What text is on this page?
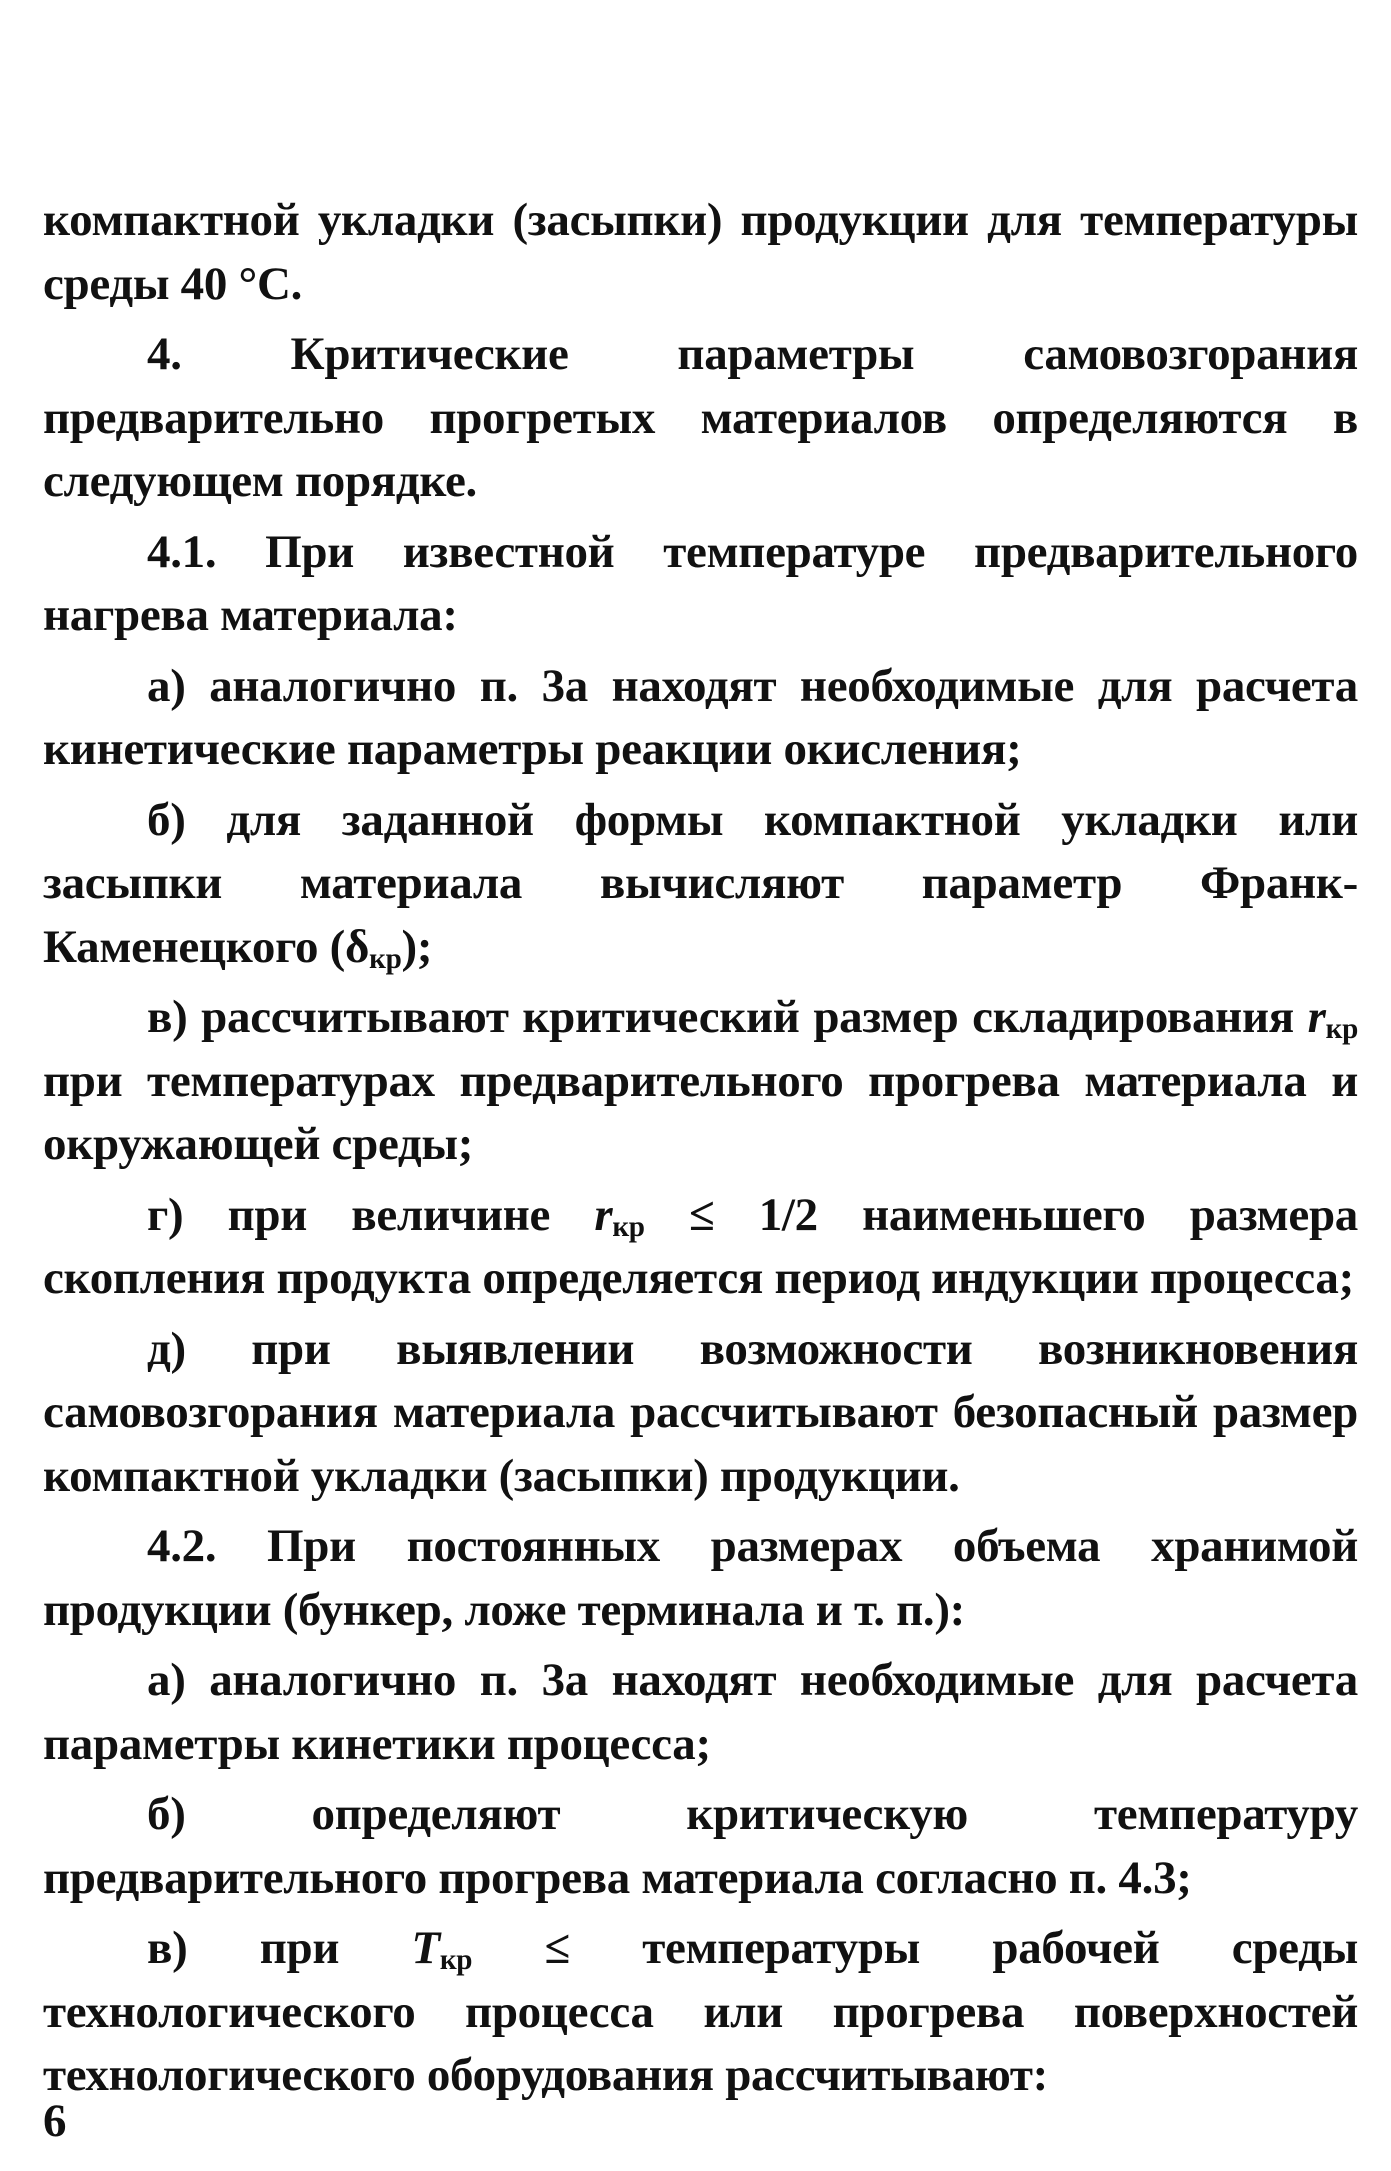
компактной укладки (засыпки) продукции для температуры среды 40 °C.

4. Критические параметры самовозгорания предварительно прогретых материалов определяются в следующем порядке.

4.1. При известной температуре предварительного нагрева материала:

а) аналогично п. 3а находят необходимые для расчета кинетические параметры реакции окисления;

б) для заданной формы компактной укладки или засыпки материала вычисляют параметр Франк-Каменецкого $(\delta_{кр})$;

в) рассчитывают критический размер складирования $r_{кр}$ при температурах предварительного прогрева материала и окружающей среды;

г) при величине $r_{кр} \le 1/2$ наименьшего размера скопления продукта определяется период индукции процесса;

д) при выявлении возможности возникновения самовозгорания материала рассчитывают безопасный размер компактной укладки (засыпки) продукции.

4.2. При постоянных размерах объема хранимой продукции (бункер, ложе терминала и т. п.):

а) аналогично п. 3а находят необходимые для расчета параметры кинетики процесса;

б) определяют критическую температуру предварительного прогрева материала согласно п. 4.3;

в) при $T_{кр}$ ≤ температуры рабочей среды технологического процесса или прогрева поверхностей технологического оборудования рассчитывают:

6
